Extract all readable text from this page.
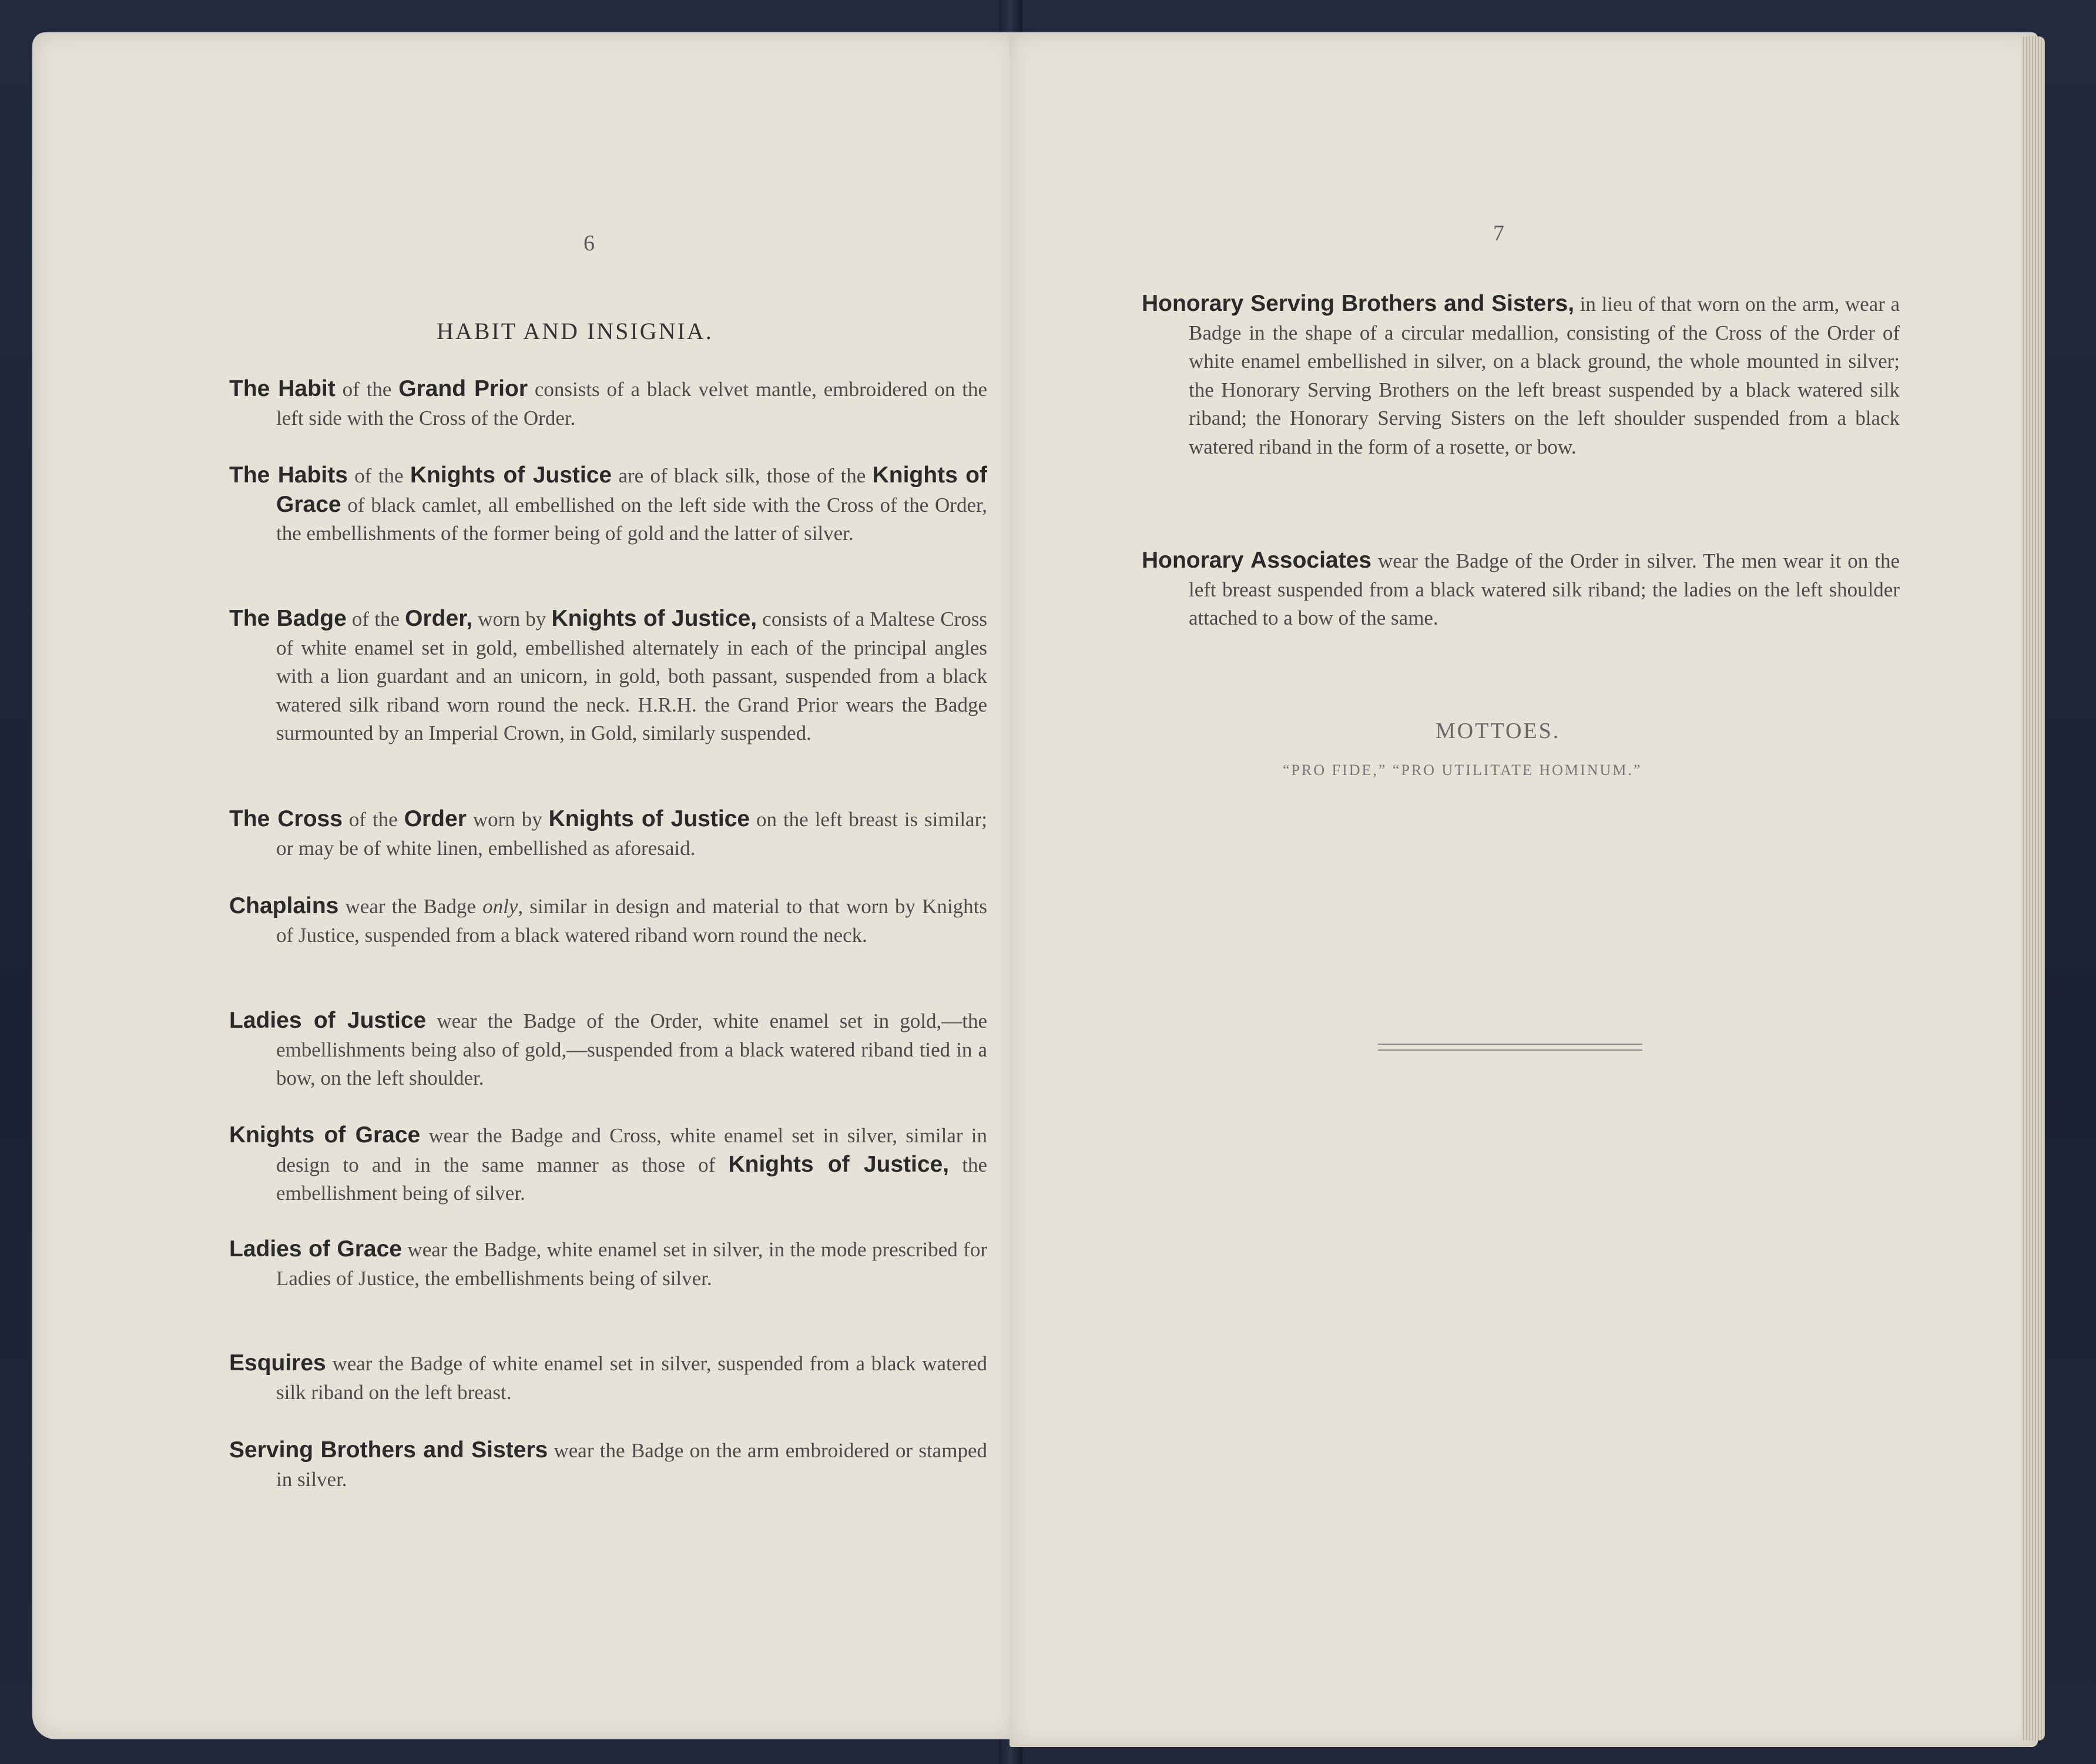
6
HABIT AND INSIGNIA.
The Habit of the Grand Prior consists of a black velvet mantle, embroidered on the left side with the Cross of the Order.
The Habits of the Knights of Justice are of black silk, those of the Knights of Grace of black camlet, all embellished on the left side with the Cross of the Order, the embellishments of the former being of gold and the latter of silver.
The Badge of the Order, worn by Knights of Justice, consists of a Maltese Cross of white enamel set in gold, embellished alternately in each of the principal angles with a lion guardant and an unicorn, in gold, both passant, suspended from a black watered silk riband worn round the neck. H.R.H. the Grand Prior wears the Badge surmounted by an Imperial Crown, in Gold, similarly suspended.
The Cross of the Order worn by Knights of Justice on the left breast is similar; or may be of white linen, embellished as aforesaid.
Chaplains wear the Badge only, similar in design and material to that worn by Knights of Justice, suspended from a black watered riband worn round the neck.
Ladies of Justice wear the Badge of the Order, white enamel set in gold,—the embellishments being also of gold,—suspended from a black watered riband tied in a bow, on the left shoulder.
Knights of Grace wear the Badge and Cross, white enamel set in silver, similar in design to and in the same manner as those of Knights of Justice, the embellishment being of silver.
Ladies of Grace wear the Badge, white enamel set in silver, in the mode prescribed for Ladies of Justice, the embellishments being of silver.
Esquires wear the Badge of white enamel set in silver, suspended from a black watered silk riband on the left breast.
Serving Brothers and Sisters wear the Badge on the arm embroidered or stamped in silver.
7
Honorary Serving Brothers and Sisters, in lieu of that worn on the arm, wear a Badge in the shape of a circular medallion, consisting of the Cross of the Order of white enamel embellished in silver, on a black ground, the whole mounted in silver; the Honorary Serving Brothers on the left breast suspended by a black watered silk riband; the Honorary Serving Sisters on the left shoulder suspended from a black watered riband in the form of a rosette, or bow.
Honorary Associates wear the Badge of the Order in silver. The men wear it on the left breast suspended from a black watered silk riband; the ladies on the left shoulder attached to a bow of the same.
MOTTOES.
“PRO FIDE,” “PRO UTILITATE HOMINUM.”
